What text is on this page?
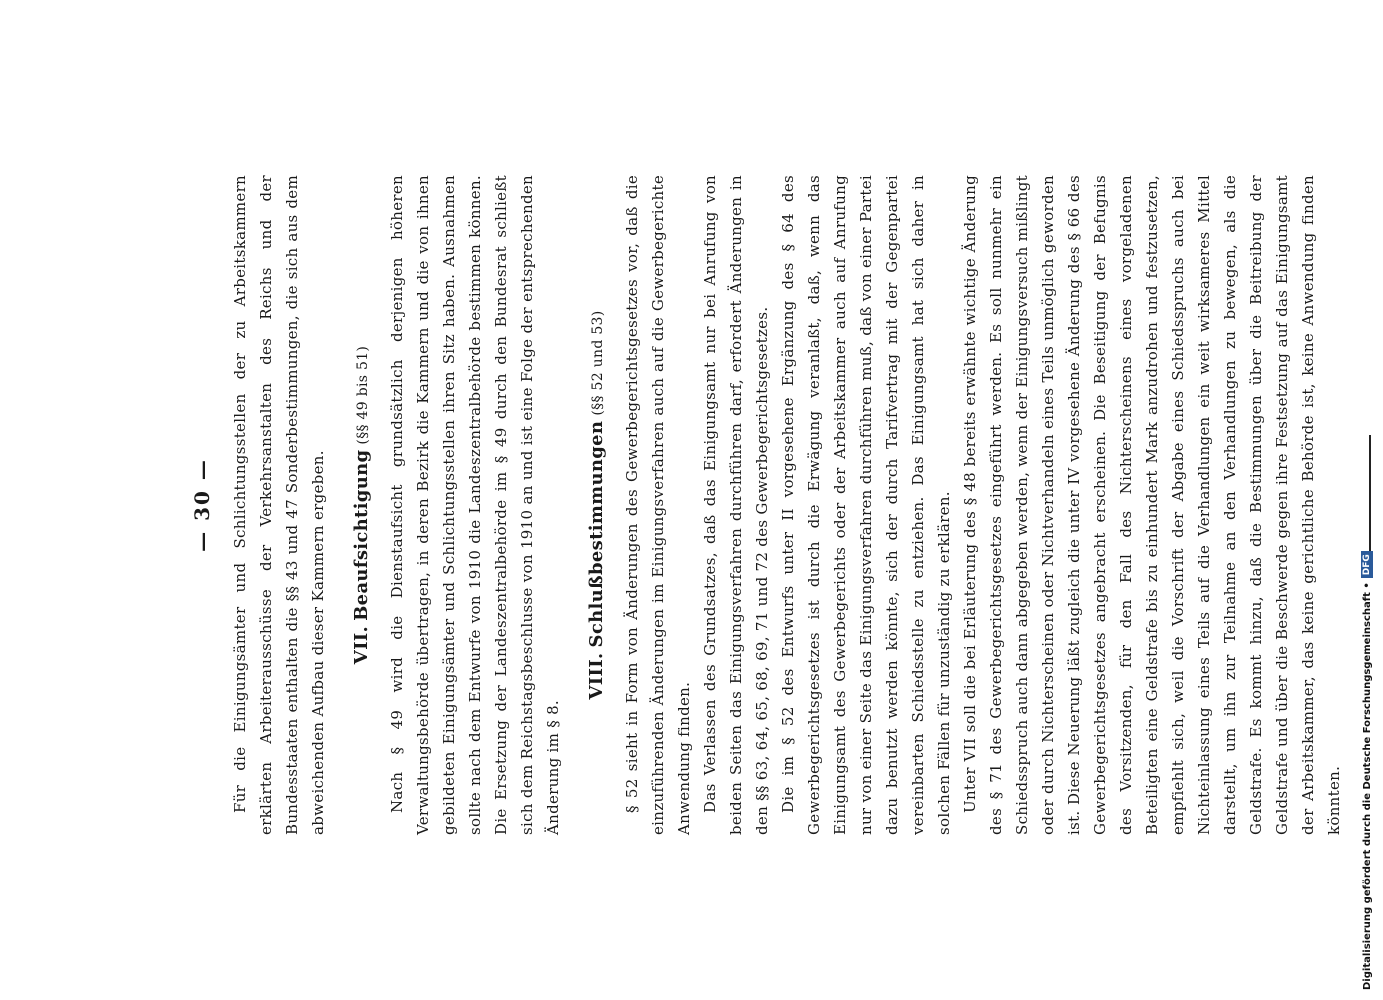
— 30 — Für die Einigungsämter und Schlichtungsstellen der zu Arbeitskammern erklärten Arbeiterausschüsse der Verkehrsanstalten des Reichs und der Bundesstaaten enthalten die §§ 43 und 47 Sonderbestimmungen, die sich aus dem abweichenden Aufbau dieser Kammern ergeben. VII. Beaufsichtigung (§§ 49 bis 51)	Nach § 49 wird die Dienstaufsicht grundsätzlich derjenigen höheren Verwaltungsbehörde übertragen, in deren Bezirk die Kammern und die von ihnen gebildeten Einigungsämter und Schlichtungsstellen ihren Sitz haben. Ausnahmen sollte nach dem Entwurfe von 1910 die Landeszentralbehörde bestimmen können. Die Ersetzung der Landeszentralbehörde im § 49 durch den Bundesrat schließt sich dem Reichstagsbeschlusse von 1910 an und ist eine Folge der entsprechenden Änderung im § 8.

VIII. Schlußbestimmungen (§§ 52 und 53)	§ 52 sieht in Form von Änderungen des Gewerbegerichtsgesetzes vor, daß die einzuführenden Änderungen im Einigungsverfahren auch auf die Gewerbegerichte Anwendung finden. Das Verlassen des Grundsatzes, daß das Einigungsamt nur bei Anrufung von beiden Seiten das Einigungsverfahren durchführen darf, erfordert Änderungen in den §§ 63, 64, 65, 68, 69, 71 und 72 des Gewerbegerichtsgesetzes. Die im § 52 des Entwurfs unter II vorgesehene Ergänzung des § 64 des Gewerbegerichtsgesetzes ist durch die Erwägung veranlaßt, daß, wenn das Einigungsamt des Gewerbegerichts oder der Arbeitskammer auch auf Anrufung nur von einer Seite das Einigungsverfahren durchführen muß, daß von einer Partei dazu benutzt werden könnte, sich der durch Tarifvertrag mit der Gegenpartei vereinbarten Schiedsstelle zu entziehen. Das Einigungsamt hat sich daher in solchen Fällen für unzuständig zu erklären. Unter VII soll die bei Erläuterung des § 48 bereits erwähnte wichtige Änderung des § 71 des Gewerbegerichtsgesetzes eingeführt werden. Es soll nunmehr ein Schiedsspruch auch dann abgegeben werden, wenn der Einigungsversuch mißlingt oder durch Nichterscheinen oder Nichtverhandeln eines Teils unmöglich geworden ist. Diese Neuerung läßt zugleich die unter IV vorgesehene Änderung des § 66 des Gewerbegerichtsgesetzes angebracht erscheinen. Die Beseitigung der Befugnis des Vorsitzenden, für den Fall des Nichterscheinens eines vorgeladenen Beteiligten eine Geldstrafe bis zu einhundert Mark anzudrohen und festzusetzen, empfiehlt sich, weil die Vorschrift der Abgabe eines Schiedsspruchs auch bei Nichteinlassung eines Teils auf die Verhandlungen ein weit wirksameres Mittel darstellt, um ihn zur Teilnahme an den Verhandlungen zu bewegen, als die Geldstrafe. Es kommt hinzu, daß die Bestimmungen über die Beitreibung der Geldstrafe und über die Beschwerde gegen ihre Festsetzung auf das Einigungsamt der Arbeitskammer, das keine gerichtliche Behörde ist, keine Anwendung finden könnten.	Digitalisierung gefördert durch die Deutsche Forschungsgemeinschaft •
DFG
